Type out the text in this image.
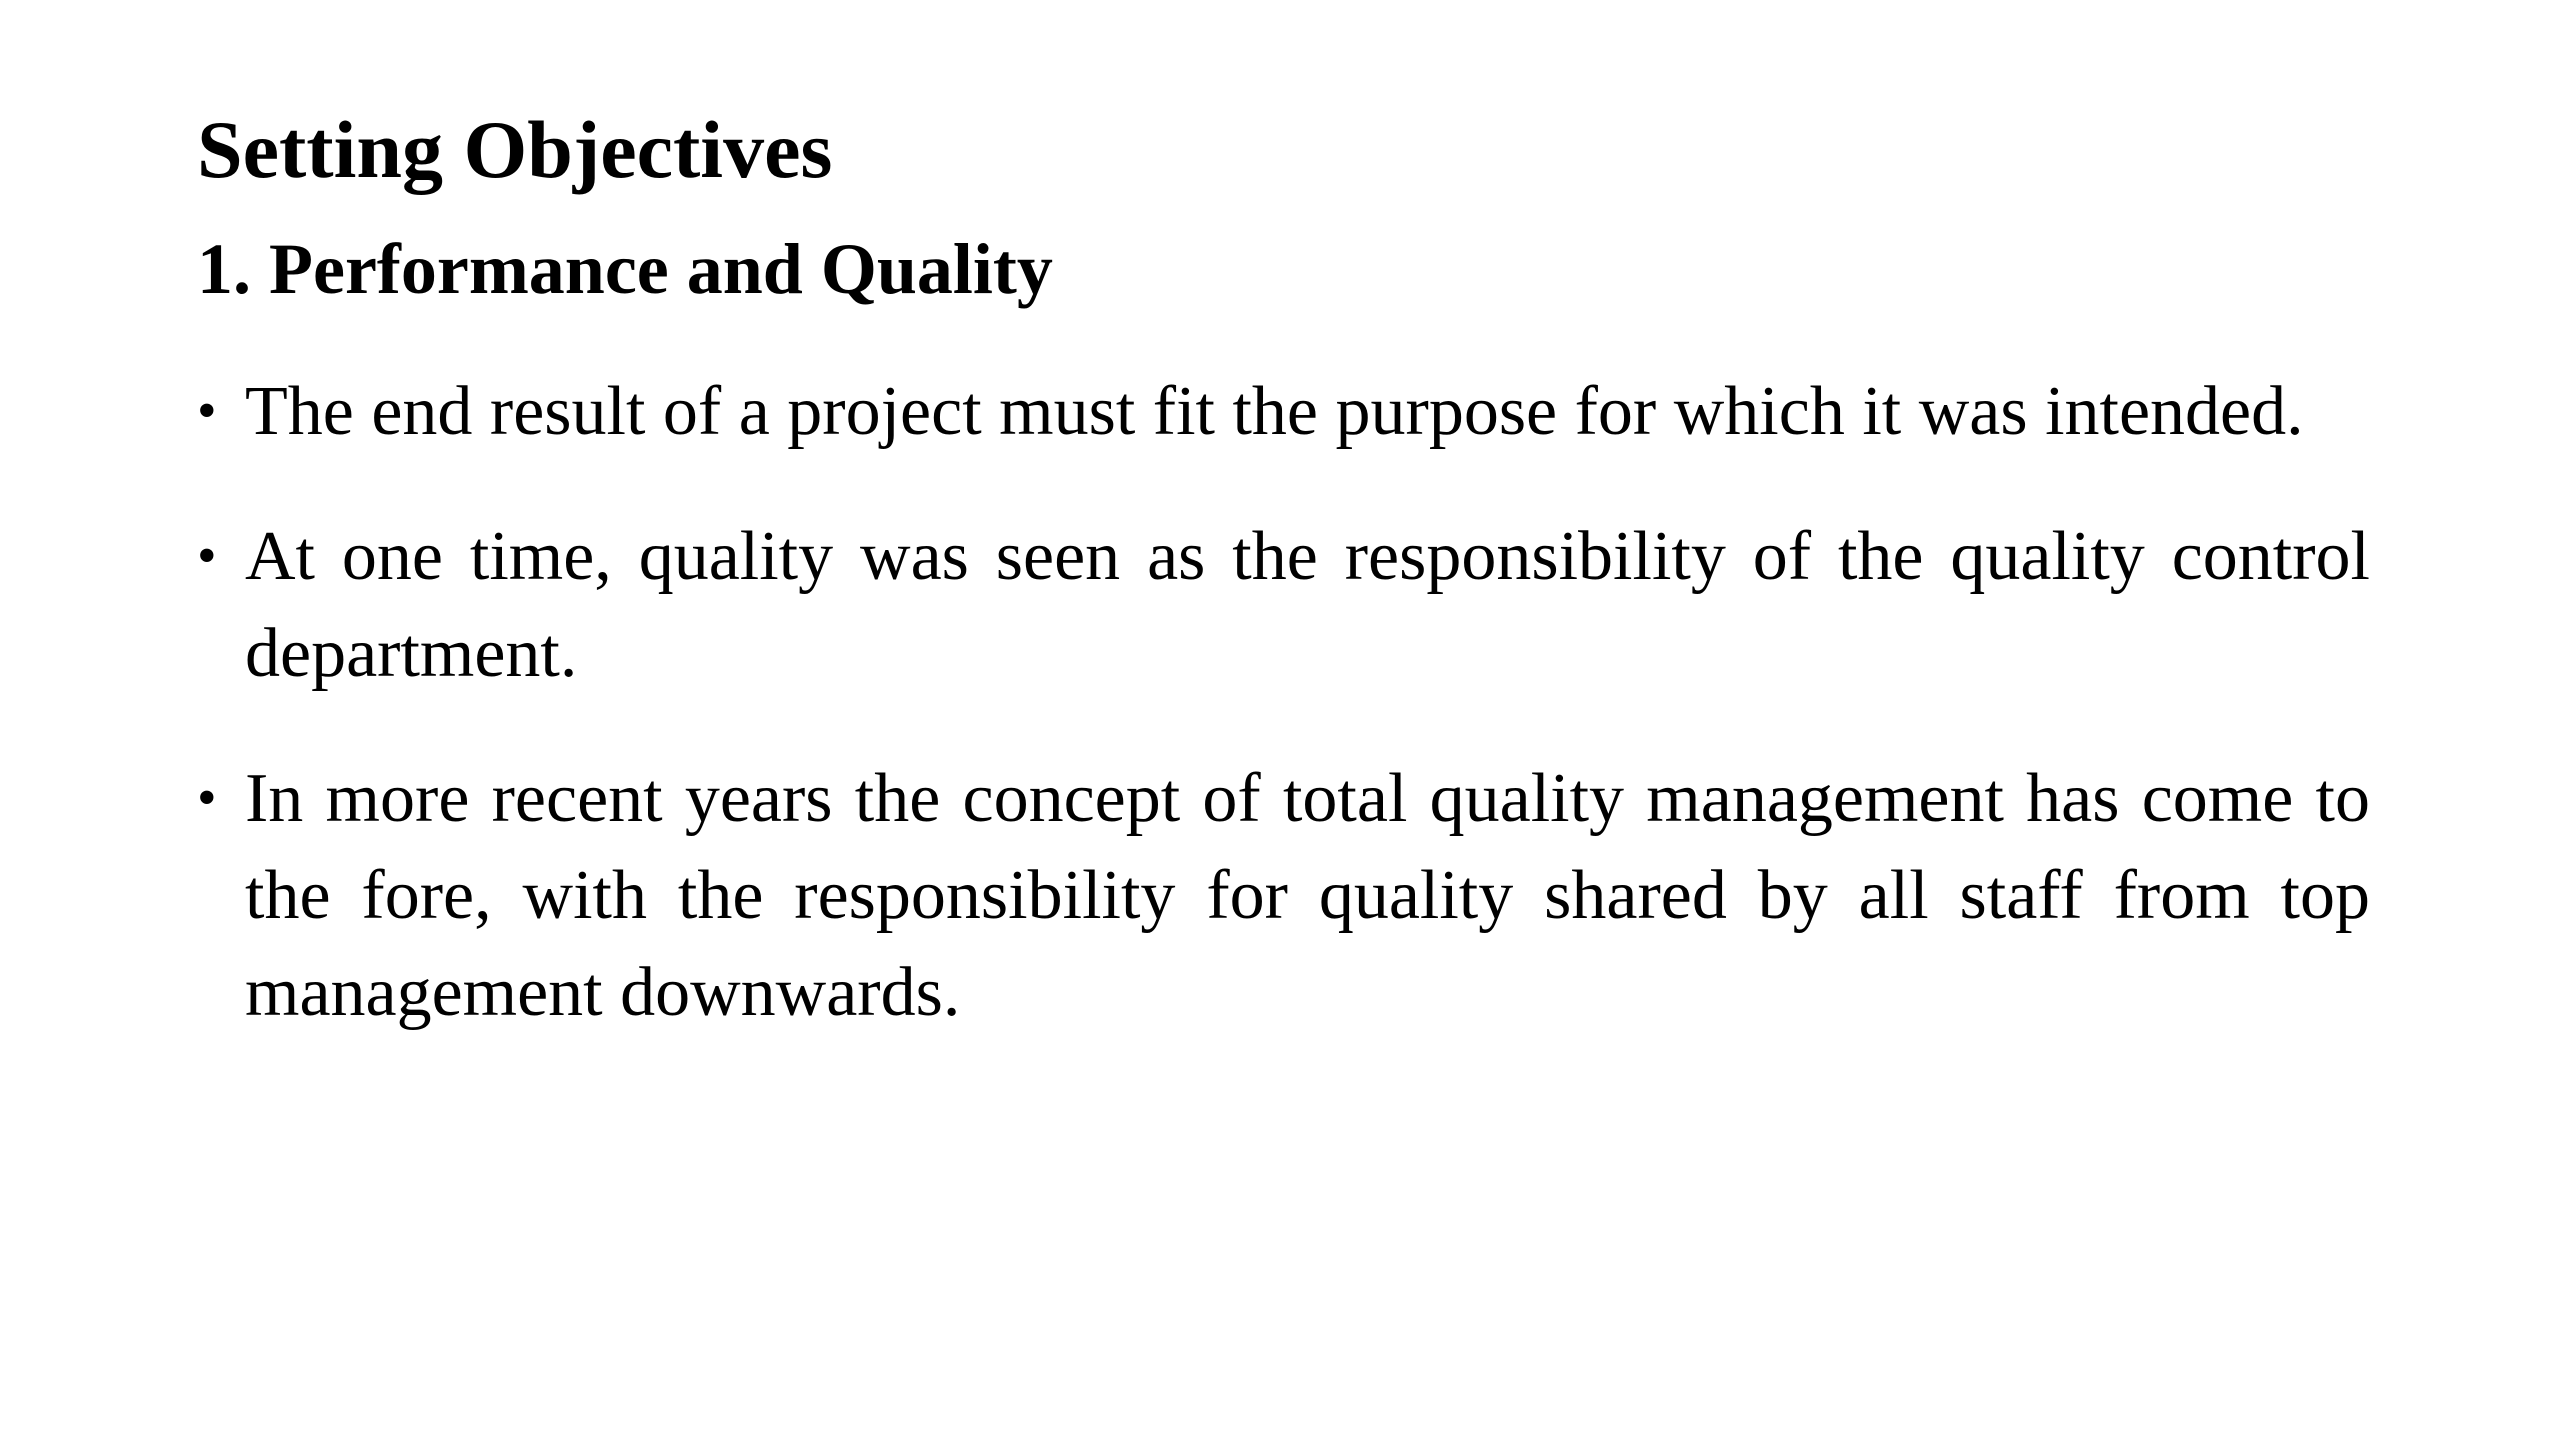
Setting Objectives
1. Performance and Quality
• The end result of a project must fit the purpose for which it was intended.
• At one time, quality was seen as the responsibility of the quality control department.
• In more recent years the concept of total quality management has come to the fore, with the responsibility for quality shared by all staff from top management downwards.
